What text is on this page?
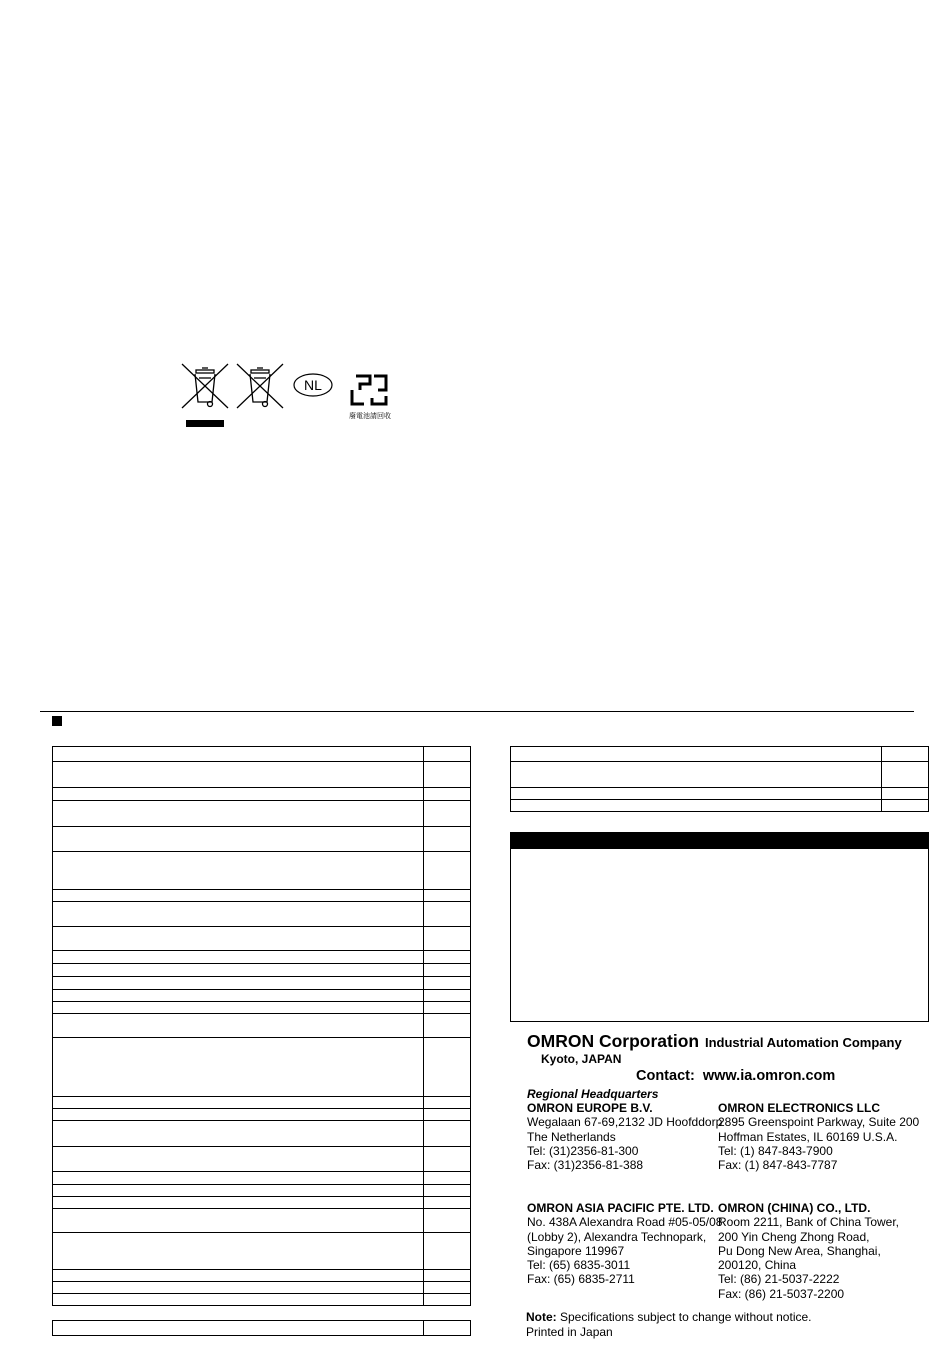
NL
廢電池請回收

OMRON Corporation Industrial Automation Company
Kyoto, JAPAN
Contact: www.ia.omron.com
Regional Headquarters
OMRON EUROPE B.V.
Wegalaan 67-69,2132 JD Hoofddorp
The Netherlands
Tel: (31)2356-81-300
Fax: (31)2356-81-388
OMRON ELECTRONICS LLC
2895 Greenspoint Parkway, Suite 200
Hoffman Estates, IL 60169 U.S.A.
Tel: (1) 847-843-7900
Fax: (1) 847-843-7787
OMRON ASIA PACIFIC PTE. LTD.
No. 438A Alexandra Road #05-05/08
(Lobby 2), Alexandra Technopark,
Singapore 119967
Tel: (65) 6835-3011
Fax: (65) 6835-2711
OMRON (CHINA) CO., LTD.
Room 2211, Bank of China Tower,
200 Yin Cheng Zhong Road,
Pu Dong New Area, Shanghai,
200120, China
Tel: (86) 21-5037-2222
Fax: (86) 21-5037-2200
Note: Specifications subject to change without notice.
Printed in Japan
